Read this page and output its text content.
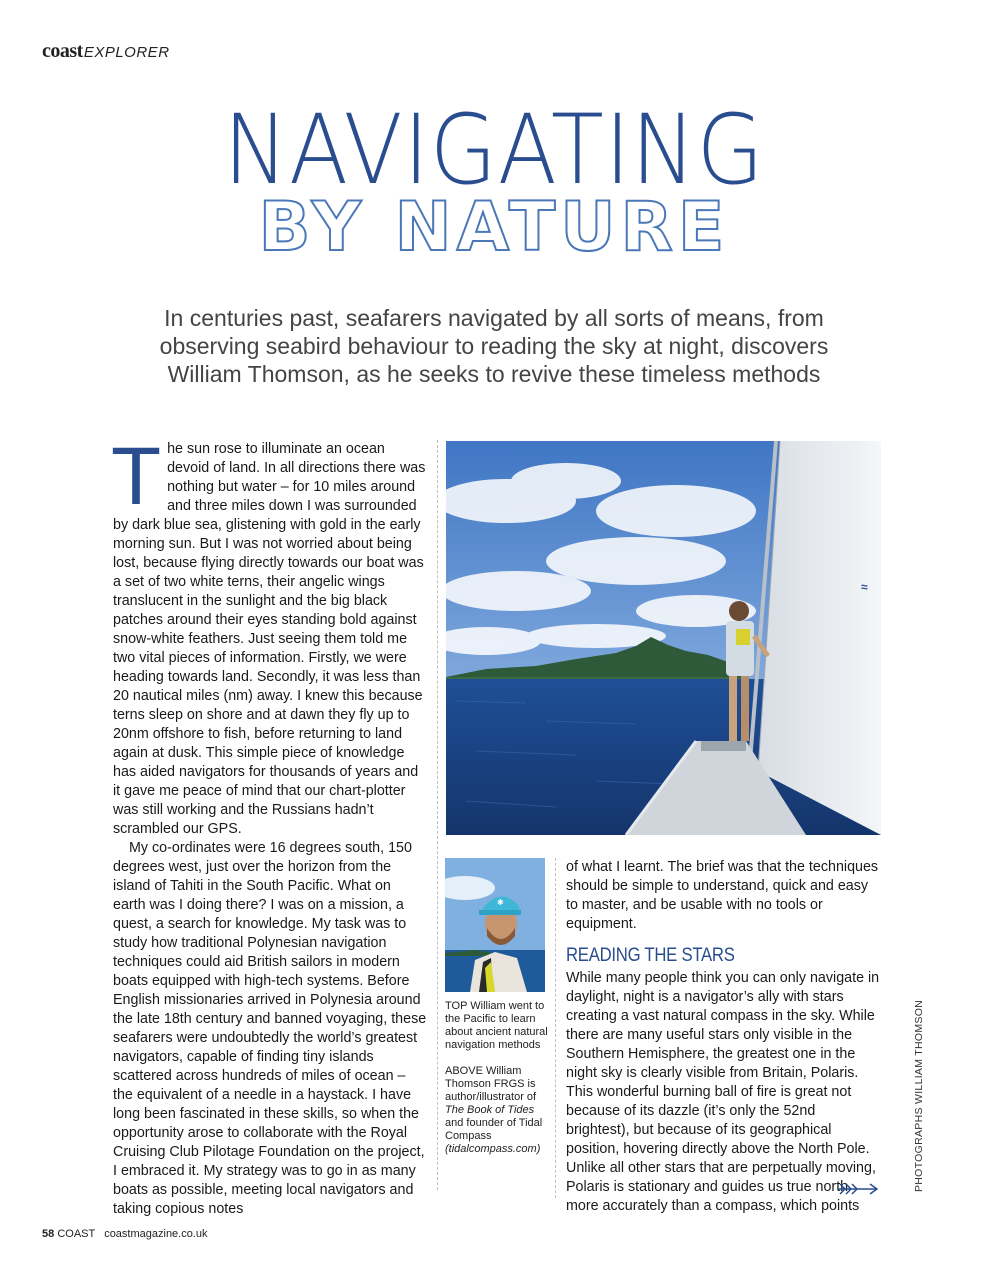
coastEXPLORER
NAVIGATING
BY NATURE

In centuries past, seafarers navigated by all sorts of means, from observing seabird behaviour to reading the sky at night, discovers William Thomson, as he seeks to revive these timeless methods

The sun rose to illuminate an ocean devoid of land. In all directions there was nothing but water – for 10 miles around and three miles down I was surrounded by dark blue sea, glistening with gold in the early morning sun. But I was not worried about being lost, because flying directly towards our boat was a set of two white terns, their angelic wings translucent in the sunlight and the big black patches around their eyes standing bold against snow-white feathers. Just seeing them told me two vital pieces of information. Firstly, we were heading towards land. Secondly, it was less than 20 nautical miles (nm) away. I knew this because terns sleep on shore and at dawn they fly up to 20nm offshore to fish, before returning to land again at dusk. This simple piece of knowledge has aided navigators for thousands of years and it gave me peace of mind that our chart-plotter was still working and the Russians hadn’t scrambled our GPS.

My co-ordinates were 16 degrees south, 150 degrees west, just over the horizon from the island of Tahiti in the South Pacific. What on earth was I doing there? I was on a mission, a quest, a search for knowledge. My task was to study how traditional Polynesian navigation techniques could aid British sailors in modern boats equipped with high-tech systems. Before English missionaries arrived in Polynesia around the late 18th century and banned voyaging, these seafarers were undoubtedly the world’s greatest navigators, capable of finding tiny islands scattered across hundreds of miles of ocean – the equivalent of a needle in a haystack. I have long been fascinated in these skills, so when the opportunity arose to collaborate with the Royal Cruising Club Pilotage Foundation on the project, I embraced it. My strategy was to go in as many boats as possible, meeting local navigators and taking copious notes

≈
✱

TOP William went to the Pacific to learn about ancient natural navigation methods

ABOVE William Thomson FRGS is author/illustrator of The Book of Tides and founder of Tidal Compass (tidalcompass.com)

of what I learnt. The brief was that the techniques should be simple to understand, quick and easy to master, and be usable with no tools or equipment.

READING THE STARS

While many people think you can only navigate in daylight, night is a navigator’s ally with stars creating a vast natural compass in the sky. While there are many useful stars only visible in the Southern Hemisphere, the greatest one in the night sky is clearly visible from Britain, Polaris. This wonderful burning ball of fire is great not because of its dazzle (it’s only the 52nd brightest), but because of its geographical position, hovering directly above the North Pole. Unlike all other stars that are perpetually moving, Polaris is stationary and guides us true north more accurately than a compass, which points

PHOTOGRAPHS WILLIAM THOMSON
58 COAST coastmagazine.co.uk
